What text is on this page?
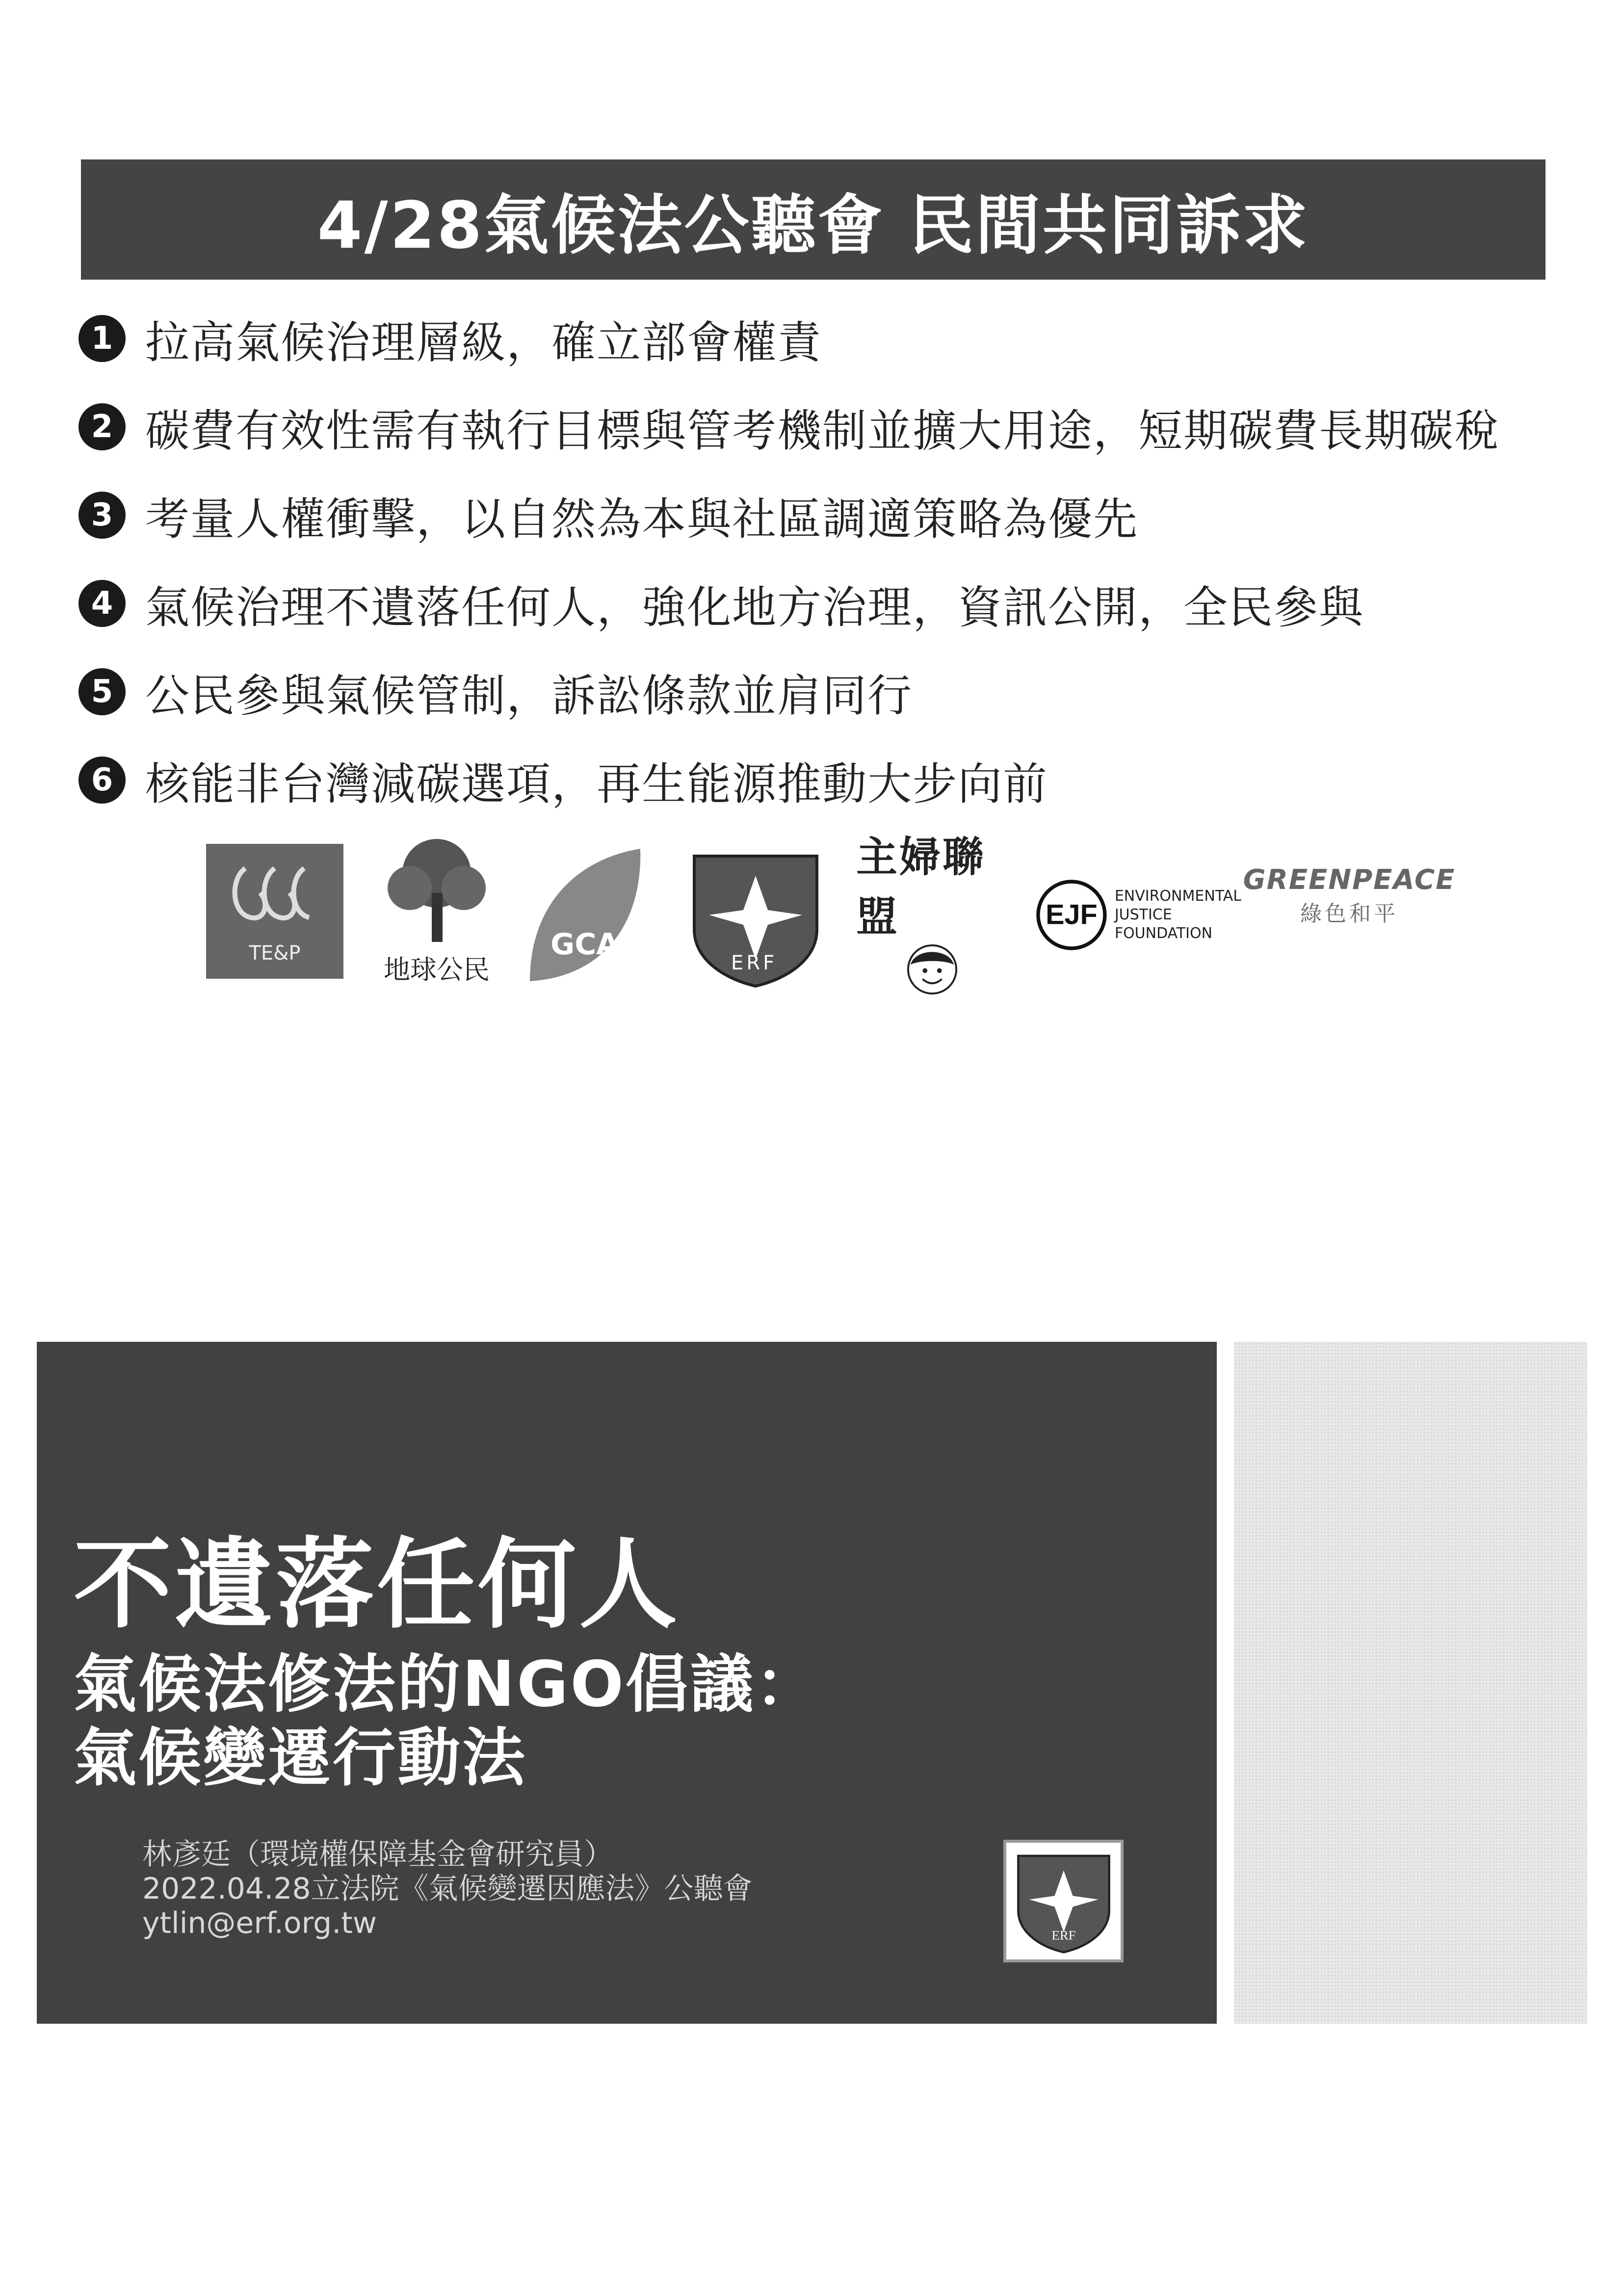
4/28氣候法公聽會 民間共同訴求
1 拉高氣候治理層級，確立部會權責
2 碳費有效性需有執行目標與管考機制並擴大用途，短期碳費長期碳稅
3 考量人權衝擊，以自然為本與社區調適策略為優先
4 氣候治理不遺落任何人，強化地方治理，資訊公開，全民參與
5 公民參與氣候管制，訴訟條款並肩同行
6 核能非台灣減碳選項，再生能源推動大步向前
TE&P
地球公民
GCAA
ERF
主婦聯盟	EJF
ENVIRONMENTAL
JUSTICE
FOUNDATION
GREENPEACE
綠色和平
不遺落任何人
氣候法修法的NGO倡議：
氣候變遷行動法
林彥廷（環境權保障基金會研究員）
2022.04.28立法院《氣候變遷因應法》公聽會
ytlin@erf.org.tw	ERF
